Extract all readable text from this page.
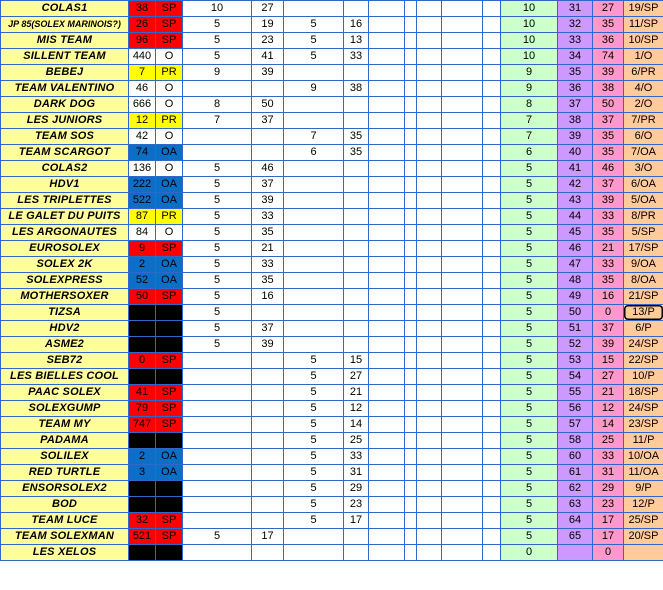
COLAS1	38	SP	10	27								10	31	27	19/SP
JP 85(SOLEX MARINOIS?)	26	SP	5	19	5	16						10	32	35	11/SP
MIS TEAM	96	SP	5	23	5	13						10	33	36	10/SP
SILLENT TEAM	440	O	5	41	5	33						10	34	74	1/O
BEBEJ	7	PR	9	39								9	35	39	6/PR
TEAM VALENTINO	46	O			9	38						9	36	38	4/O
DARK DOG	666	O	8	50								8	37	50	2/O
LES JUNIORS	12	PR	7	37								7	38	37	7/PR
TEAM SOS	42	O			7	35						7	39	35	6/O
TEAM SCARGOT	74	OA			6	35						6	40	35	7/OA
COLAS2	136	O	5	46								5	41	46	3/O
HDV1	222	OA	5	37								5	42	37	6/OA
LES TRIPLETTES	522	OA	5	39								5	43	39	5/OA
LE GALET DU PUITS	87	PR	5	33								5	44	33	8/PR
LES ARGONAUTES	84	O	5	35								5	45	35	5/SP
EUROSOLEX	9	SP	5	21								5	46	21	17/SP
SOLEX 2K	2	OA	5	33								5	47	33	9/OA
SOLEXPRESS	52	OA	5	35								5	48	35	8/OA
MOTHERSOXER	50	SP	5	16								5	49	16	21/SP
TIZSA	25	P	5									5	50	0	13/P
HDV2	42	P	5	37								5	51	37	6/P
ASME2	99	P	5	39								5	52	39	24/SP
SEB72	0	SP			5	15						5	53	15	22/SP
LES BIELLES COOL	19	P			5	27						5	54	27	10/P
PAAC SOLEX	41	SP			5	21						5	55	21	18/SP
SOLEXGUMP	79	SP			5	12						5	56	12	24/SP
TEAM MY	747	SP			5	14						5	57	14	23/SP
PADAMA	68	P			5	25						5	58	25	11/P
SOLILEX	2	OA			5	33						5	60	33	10/OA
RED TURTLE	3	OA			5	31						5	61	31	11/OA
ENSORSOLEX2	1	P			5	29						5	62	29	9/P
BOD	7	P			5	23						5	63	23	12/P
TEAM LUCE	32	SP			5	17						5	64	17	25/SP
TEAM SOLEXMAN	521	SP	5	17								5	65	17	20/SP
LES XELOS	311	P										0		0	
